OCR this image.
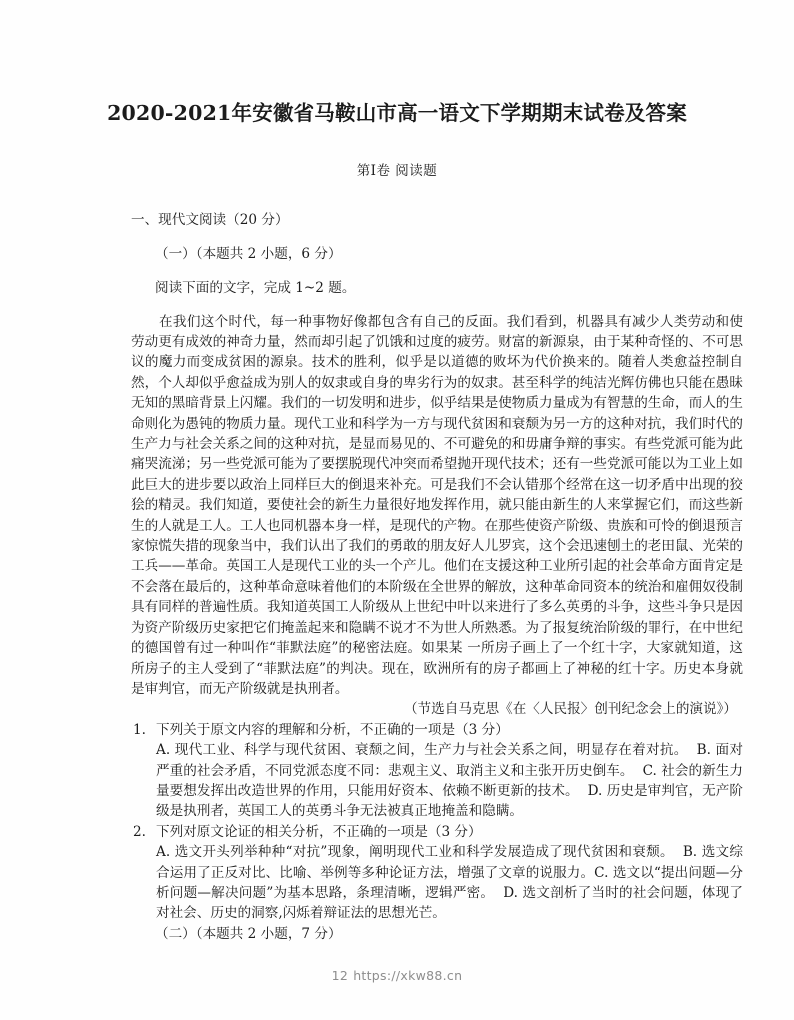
2020-2021年安徽省马鞍山市高一语文下学期期末试卷及答案
第Ⅰ卷 阅读题

一、现代文阅读（20 分）

（一）（本题共 2 小题，6 分）

阅读下面的文字，完成 1~2 题。

在我们这个时代，每一种事物好像都包含有自己的反面。我们看到，机器具有减少人类劳动和使劳动更有成效的神奇力量，然而却引起了饥饿和过度的疲劳。财富的新源泉，由于某种奇怪的、不可思议的魔力而变成贫困的源泉。技术的胜利，似乎是以道德的败坏为代价换来的。随着人类愈益控制自然，个人却似乎愈益成为别人的奴隶或自身的卑劣行为的奴隶。甚至科学的纯洁光辉仿佛也只能在愚昧无知的黑暗背景上闪耀。我们的一切发明和进步，似乎结果是使物质力量成为有智慧的生命，而人的生命则化为愚钝的物质力量。现代工业和科学为一方与现代贫困和衰颓为另一方的这种对抗，我们时代的生产力与社会关系之间的这种对抗，是显而易见的、不可避免的和毋庸争辩的事实。有些党派可能为此痛哭流涕；另一些党派可能为了要摆脱现代冲突而希望抛开现代技术；还有一些党派可能以为工业上如此巨大的进步要以政治上同样巨大的倒退来补充。可是我们不会认错那个经常在这一切矛盾中出现的狡狯的精灵。我们知道，要使社会的新生力量很好地发挥作用，就只能由新生的人来掌握它们，而这些新生的人就是工人。工人也同机器本身一样，是现代的产物。在那些使资产阶级、贵族和可怜的倒退预言家惊慌失措的现象当中，我们认出了我们的勇敢的朋友好人儿罗宾，这个会迅速刨土的老田鼠、光荣的工兵——革命。英国工人是现代工业的头一个产儿。他们在支援这种工业所引起的社会革命方面肯定是不会落在最后的，这种革命意味着他们的本阶级在全世界的解放，这种革命同资本的统治和雇佣奴役制具有同样的普遍性质。我知道英国工人阶级从上世纪中叶以来进行了多么英勇的斗争，这些斗争只是因为资产阶级历史家把它们掩盖起来和隐瞒不说才不为世人所熟悉。为了报复统治阶级的罪行，在中世纪的德国曾有过一种叫作“菲默法庭”的秘密法庭。如果某 一所房子画上了一个红十字，大家就知道，这所房子的主人受到了“菲默法庭”的判决。现在，欧洲所有的房子都画上了神秘的红十字。历史本身就是审判官，而无产阶级就是执刑者。

（节选自马克思《在〈人民报〉创刊纪念会上的演说》）

1. 下列关于原文内容的理解和分析，不正确的一项是（3 分）
A. 现代工业、科学与现代贫困、衰颓之间，生产力与社会关系之间，明显存在着对抗。 B. 面对严重的社会矛盾，不同党派态度不同：悲观主义、取消主义和主张开历史倒车。 C. 社会的新生力量要想发挥出改造世界的作用，只能用好资本、依赖不断更新的技术。 D. 历史是审判官，无产阶级是执刑者，英国工人的英勇斗争无法被真正地掩盖和隐瞒。
2. 下列对原文论证的相关分析，不正确的一项是（3 分）
A. 选文开头列举种种“对抗”现象，阐明现代工业和科学发展造成了现代贫困和衰颓。 B. 选文综合运用了正反对比、比喻、举例等多种论证方法，增强了文章的说服力。C. 选文以“提出问题—分析问题—解决问题”为基本思路，条理清晰，逻辑严密。 D. 选文剖析了当时的社会问题，体现了对社会、历史的洞察,闪烁着辩证法的思想光芒。

（二）（本题共 2 小题，7 分）

12 https://xkw88.cn
